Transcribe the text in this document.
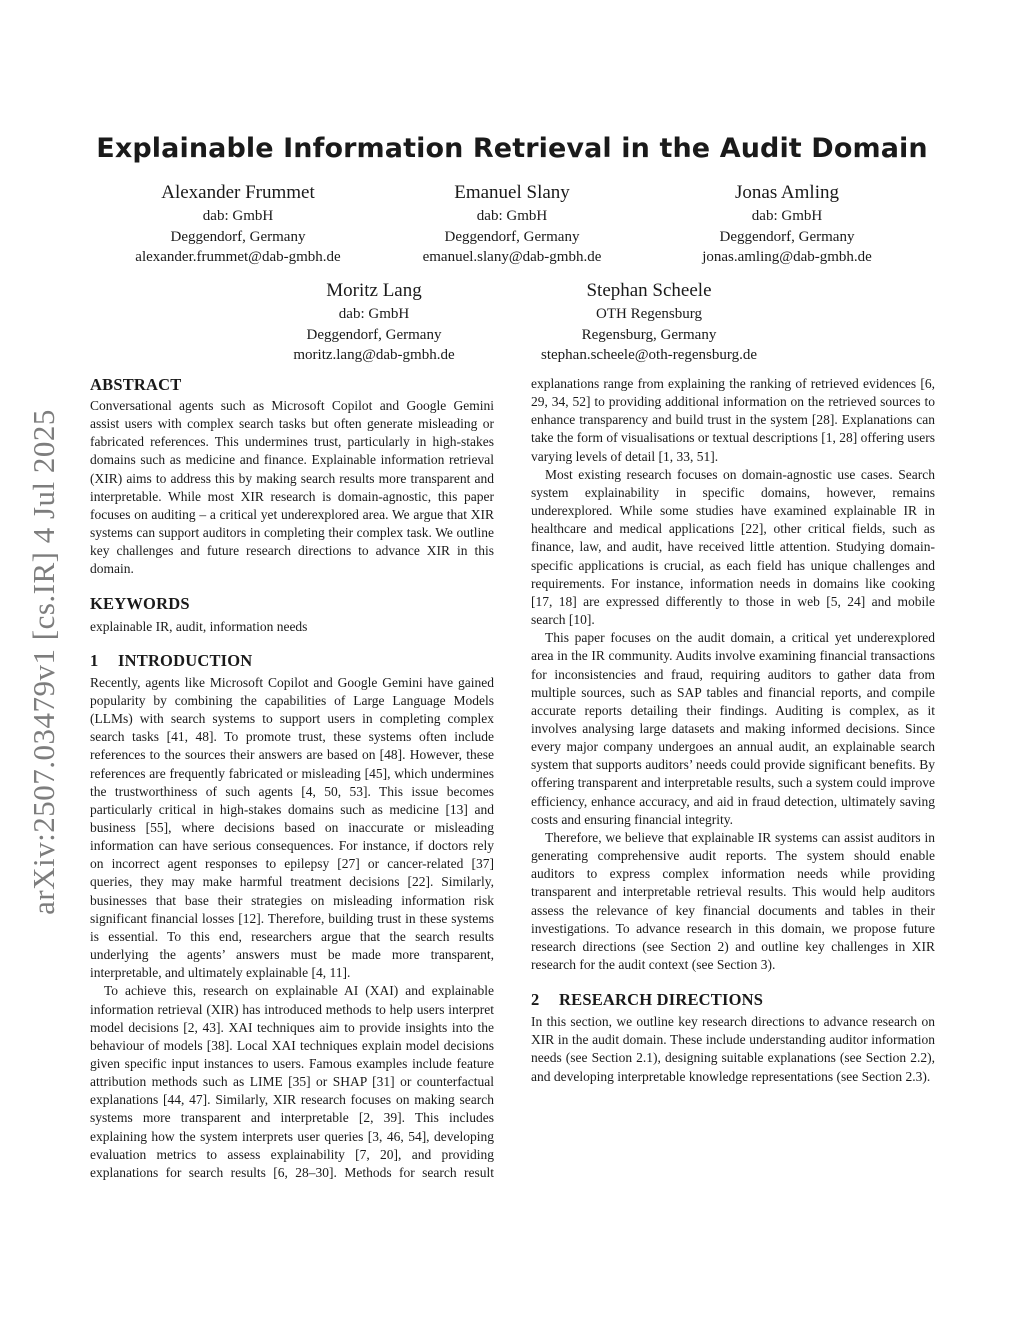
arXiv:2507.03479v1 [cs.IR] 4 Jul 2025
Explainable Information Retrieval in the Audit Domain
Alexander Frummet
dab: GmbH
Deggendorf, Germany
alexander.frummet@dab-gmbh.de
Emanuel Slany
dab: GmbH
Deggendorf, Germany
emanuel.slany@dab-gmbh.de
Jonas Amling
dab: GmbH
Deggendorf, Germany
jonas.amling@dab-gmbh.de
Moritz Lang
dab: GmbH
Deggendorf, Germany
moritz.lang@dab-gmbh.de
Stephan Scheele
OTH Regensburg
Regensburg, Germany
stephan.scheele@oth-regensburg.de
ABSTRACT

Conversational agents such as Microsoft Copilot and Google Gemini assist users with complex search tasks but often generate misleading or fabricated references. This undermines trust, particularly in high-stakes domains such as medicine and finance. Explainable information retrieval (XIR) aims to address this by making search results more transparent and interpretable. While most XIR research is domain-agnostic, this paper focuses on auditing – a critical yet underexplored area. We argue that XIR systems can support auditors in completing their complex task. We outline key challenges and future research directions to advance XIR in this domain.

KEYWORDS

explainable IR, audit, information needs

1 INTRODUCTION

Recently, agents like Microsoft Copilot and Google Gemini have gained popularity by combining the capabilities of Large Language Models (LLMs) with search systems to support users in completing complex search tasks [41, 48]. To promote trust, these systems often include references to the sources their answers are based on [48]. However, these references are frequently fabricated or misleading [45], which undermines the trustworthiness of such agents [4, 50, 53]. This issue becomes particularly critical in high-stakes domains such as medicine [13] and business [55], where decisions based on inaccurate or misleading information can have serious consequences. For instance, if doctors rely on incorrect agent responses to epilepsy [27] or cancer-related [37] queries, they may make harmful treatment decisions [22]. Similarly, businesses that base their strategies on misleading information risk significant financial losses [12]. Therefore, building trust in these systems is essential. To this end, researchers argue that the search results underlying the agents’ answers must be made more transparent, interpretable, and ultimately explainable [4, 11].

To achieve this, research on explainable AI (XAI) and explainable information retrieval (XIR) has introduced methods to help users interpret model decisions [2, 43]. XAI techniques aim to provide insights into the behaviour of models [38]. Local XAI techniques explain model decisions given specific input instances to users. Famous examples include feature attribution methods such as LIME [35] or SHAP [31] or counterfactual explanations [44, 47]. Similarly, XIR research focuses on making search systems more transparent and interpretable [2, 39]. This includes explaining how the system interprets user queries [3, 46, 54], developing evaluation metrics to assess explainability [7, 20], and providing explanations for search results [6, 28–30]. Methods for search result

explanations range from explaining the ranking of retrieved evidences [6, 29, 34, 52] to providing additional information on the retrieved sources to enhance transparency and build trust in the system [28]. Explanations can take the form of visualisations or textual descriptions [1, 28] offering users varying levels of detail [1, 33, 51].

Most existing research focuses on domain-agnostic use cases. Search system explainability in specific domains, however, remains underexplored. While some studies have examined explainable IR in healthcare and medical applications [22], other critical fields, such as finance, law, and audit, have received little attention. Studying domain-specific applications is crucial, as each field has unique challenges and requirements. For instance, information needs in domains like cooking [17, 18] are expressed differently to those in web [5, 24] and mobile search [10].

This paper focuses on the audit domain, a critical yet underexplored area in the IR community. Audits involve examining financial transactions for inconsistencies and fraud, requiring auditors to gather data from multiple sources, such as SAP tables and financial reports, and compile accurate reports detailing their findings. Auditing is complex, as it involves analysing large datasets and making informed decisions. Since every major company undergoes an annual audit, an explainable search system that supports auditors’ needs could provide significant benefits. By offering transparent and interpretable results, such a system could improve efficiency, enhance accuracy, and aid in fraud detection, ultimately saving costs and ensuring financial integrity.

Therefore, we believe that explainable IR systems can assist auditors in generating comprehensive audit reports. The system should enable auditors to express complex information needs while providing transparent and interpretable retrieval results. This would help auditors assess the relevance of key financial documents and tables in their investigations. To advance research in this domain, we propose future research directions (see Section 2) and outline key challenges in XIR research for the audit context (see Section 3).

2 RESEARCH DIRECTIONS

In this section, we outline key research directions to advance research on XIR in the audit domain. These include understanding auditor information needs (see Section 2.1), designing suitable explanations (see Section 2.2), and developing interpretable knowledge representations (see Section 2.3).
